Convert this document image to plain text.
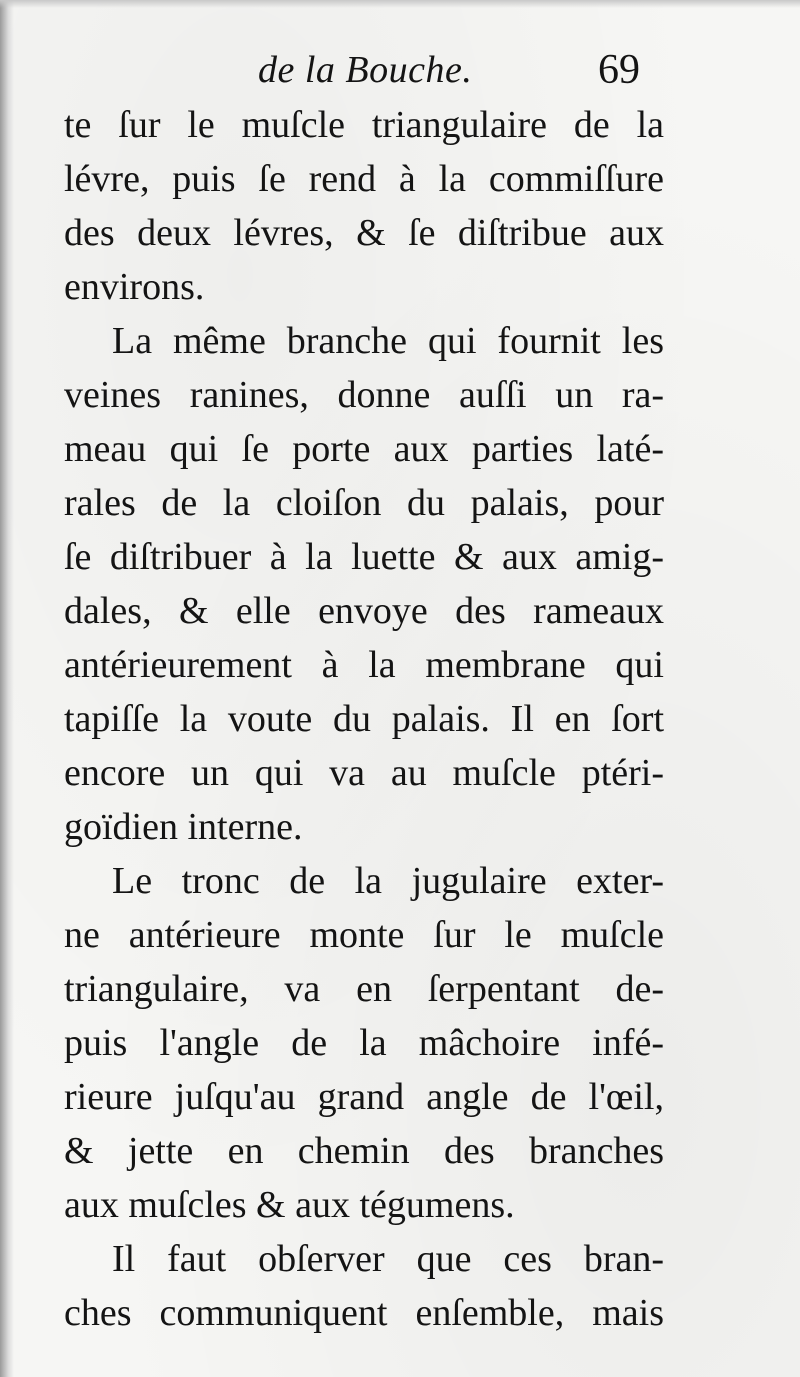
de la Bouche.	69
te ſur le muſcle triangulaire de la
lévre, puis ſe rend à la commiſſure
des deux lévres, & ſe diſtribue aux
environs.
La même branche qui fournit les
veines ranines, donne auſſi un ra-
meau qui ſe porte aux parties laté-
rales de la cloiſon du palais, pour
ſe diſtribuer à la luette & aux amig-
dales, & elle envoye des rameaux
antérieurement à la membrane qui
tapiſſe la voute du palais. Il en ſort
encore un qui va au muſcle ptéri-
goïdien interne.
Le tronc de la jugulaire exter-
ne antérieure monte ſur le muſcle
triangulaire, va en ſerpentant de-
puis l'angle de la mâchoire infé-
rieure juſqu'au grand angle de l'œil,
& jette en chemin des branches
aux muſcles & aux tégumens.
Il faut obſerver que ces bran-
ches communiquent enſemble, mais
